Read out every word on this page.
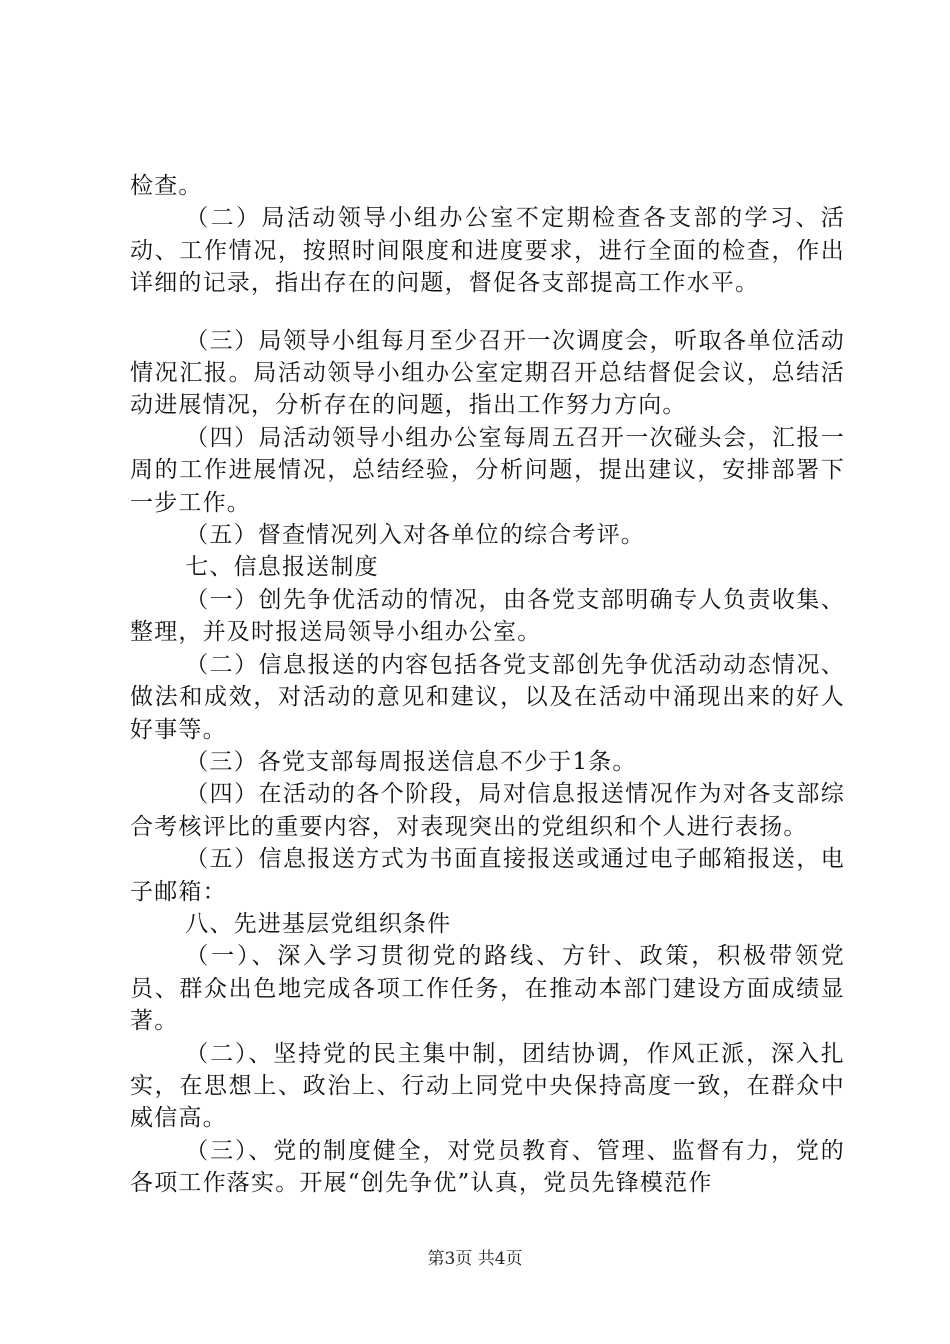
检查。

（二）局活动领导小组办公室不定期检查各支部的学习、活动、工作情况，按照时间限度和进度要求，进行全面的检查，作出详细的记录，指出存在的问题，督促各支部提高工作水平。

（三）局领导小组每月至少召开一次调度会，听取各单位活动情况汇报。局活动领导小组办公室定期召开总结督促会议，总结活动进展情况，分析存在的问题，指出工作努力方向。

（四）局活动领导小组办公室每周五召开一次碰头会，汇报一周的工作进展情况，总结经验，分析问题，提出建议，安排部署下一步工作。

（五）督查情况列入对各单位的综合考评。

七、信息报送制度

（一）创先争优活动的情况，由各党支部明确专人负责收集、整理，并及时报送局领导小组办公室。

（二）信息报送的内容包括各党支部创先争优活动动态情况、做法和成效，对活动的意见和建议，以及在活动中涌现出来的好人好事等。

（三）各党支部每周报送信息不少于1条。

（四）在活动的各个阶段，局对信息报送情况作为对各支部综合考核评比的重要内容，对表现突出的党组织和个人进行表扬。

（五）信息报送方式为书面直接报送或通过电子邮箱报送，电子邮箱：

八、先进基层党组织条件

（一）、深入学习贯彻党的路线、方针、政策，积极带领党员、群众出色地完成各项工作任务，在推动本部门建设方面成绩显著。

（二）、坚持党的民主集中制，团结协调，作风正派，深入扎实，在思想上、政治上、行动上同党中央保持高度一致，在群众中威信高。

（三）、党的制度健全，对党员教育、管理、监督有力，党的各项工作落实。开展“创先争优”认真，党员先锋模范作

第3页 共4页
